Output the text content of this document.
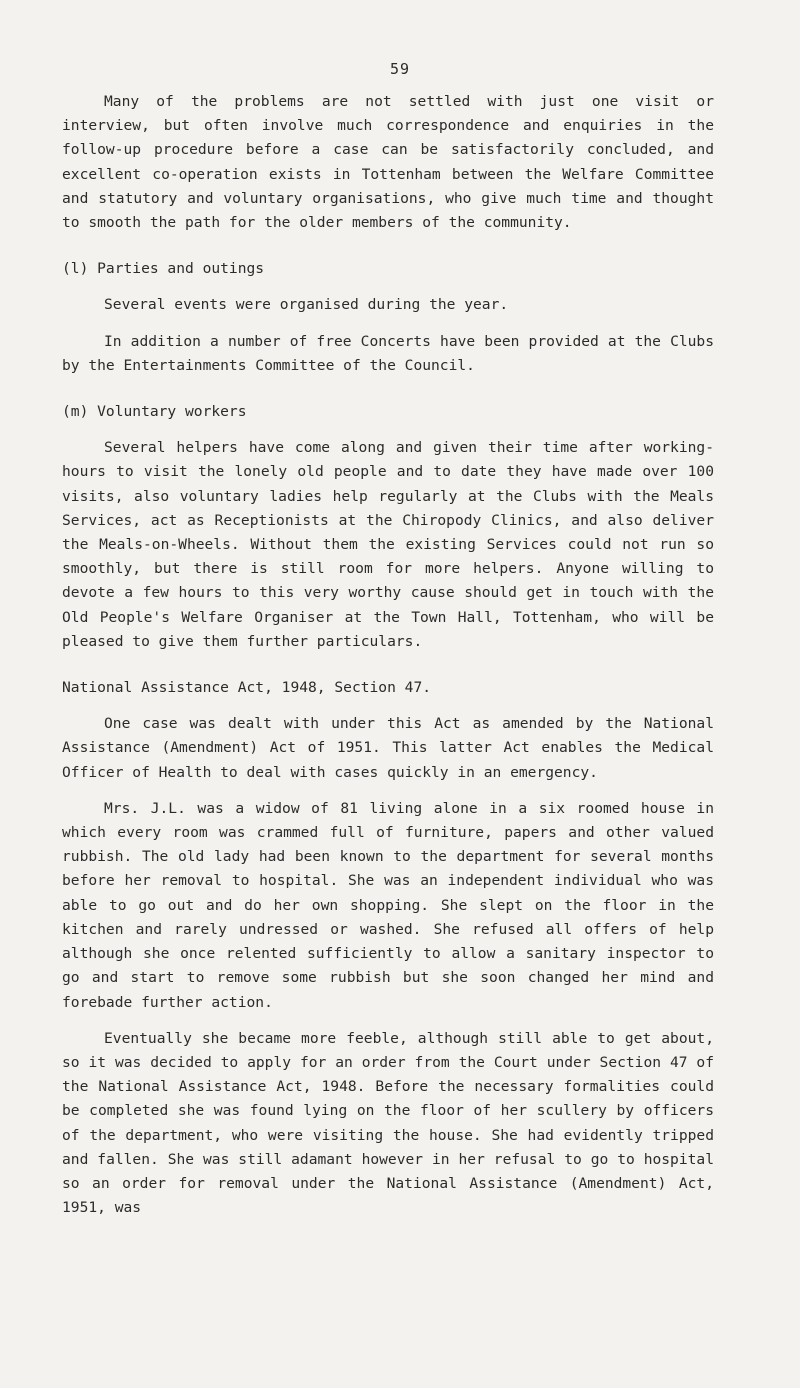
59

Many of the problems are not settled with just one visit or interview, but often involve much correspondence and enquiries in the follow-up procedure before a case can be satisfactorily concluded, and excellent co-operation exists in Tottenham between the Welfare Committee and statutory and voluntary organisations, who give much time and thought to smooth the path for the older members of the community.

(l) Parties and outings

Several events were organised during the year.

In addition a number of free Concerts have been provided at the Clubs by the Entertainments Committee of the Council.

(m) Voluntary workers

Several helpers have come along and given their time after working-hours to visit the lonely old people and to date they have made over 100 visits, also voluntary ladies help regularly at the Clubs with the Meals Services, act as Receptionists at the Chiropody Clinics, and also deliver the Meals-on-Wheels. Without them the existing Services could not run so smoothly, but there is still room for more helpers. Anyone willing to devote a few hours to this very worthy cause should get in touch with the Old People's Welfare Organiser at the Town Hall, Tottenham, who will be pleased to give them further particulars.

National Assistance Act, 1948, Section 47.

One case was dealt with under this Act as amended by the National Assistance (Amendment) Act of 1951. This latter Act enables the Medical Officer of Health to deal with cases quickly in an emergency.

Mrs. J.L. was a widow of 81 living alone in a six roomed house in which every room was crammed full of furniture, papers and other valued rubbish. The old lady had been known to the department for several months before her removal to hospital. She was an independent individual who was able to go out and do her own shopping. She slept on the floor in the kitchen and rarely undressed or washed. She refused all offers of help although she once relented sufficiently to allow a sanitary inspector to go and start to remove some rubbish but she soon changed her mind and forebade further action.

Eventually she became more feeble, although still able to get about, so it was decided to apply for an order from the Court under Section 47 of the National Assistance Act, 1948. Before the necessary formalities could be completed she was found lying on the floor of her scullery by officers of the department, who were visiting the house. She had evidently tripped and fallen. She was still adamant however in her refusal to go to hospital so an order for removal under the National Assistance (Amendment) Act, 1951, was
